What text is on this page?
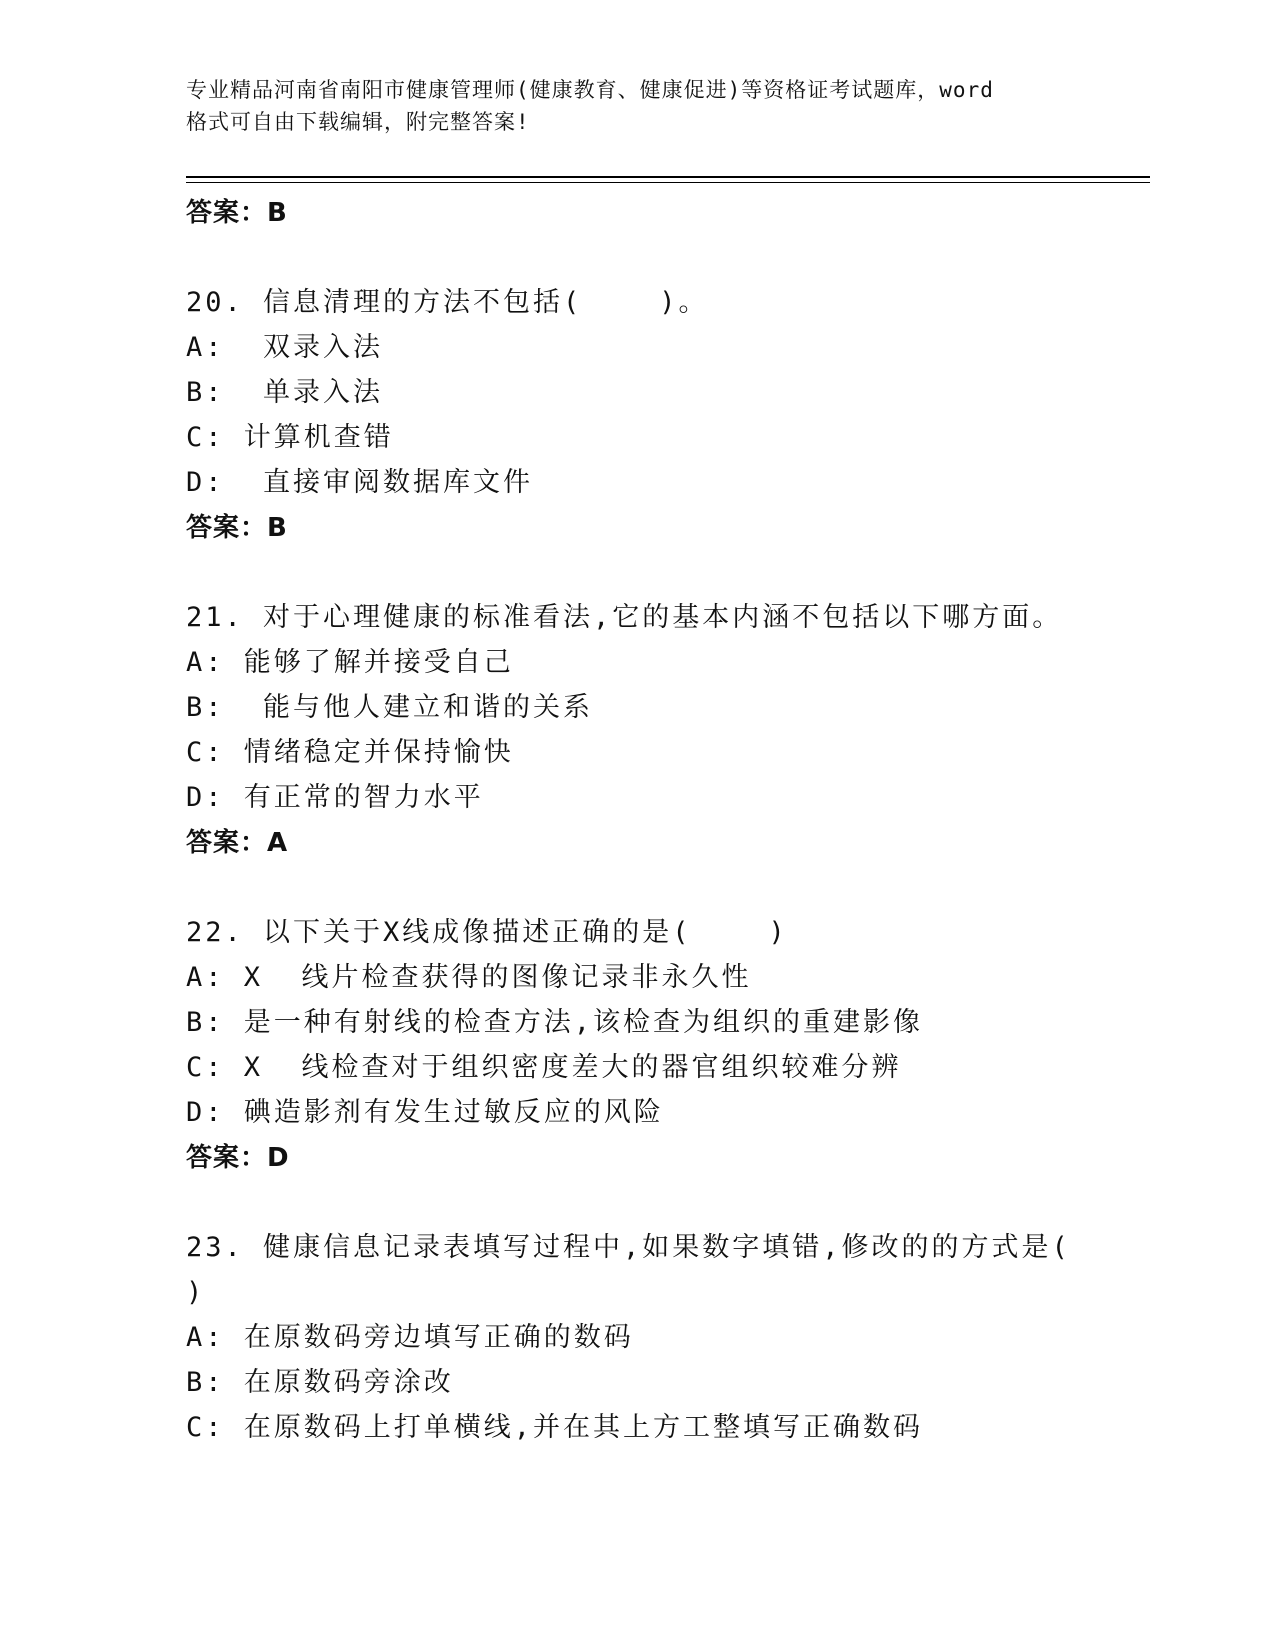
专业精品河南省南阳市健康管理师(健康教育、健康促进)等资格证考试题库，word
格式可自由下载编辑，附完整答案!
答案：B
20. 信息清理的方法不包括(    )。
A:  双录入法
B:  单录入法
C: 计算机查错
D:  直接审阅数据库文件
答案：B
21. 对于心理健康的标准看法,它的基本内涵不包括以下哪方面。
A: 能够了解并接受自己
B:  能与他人建立和谐的关系
C: 情绪稳定并保持愉快
D: 有正常的智力水平
答案：A
22. 以下关于X线成像描述正确的是(    )
A: X  线片检查获得的图像记录非永久性
B: 是一种有射线的检查方法,该检查为组织的重建影像
C: X  线检查对于组织密度差大的器官组织较难分辨
D: 碘造影剂有发生过敏反应的风险
答案：D
23. 健康信息记录表填写过程中,如果数字填错,修改的的方式是(
)
A: 在原数码旁边填写正确的数码
B: 在原数码旁涂改
C: 在原数码上打单横线,并在其上方工整填写正确数码
